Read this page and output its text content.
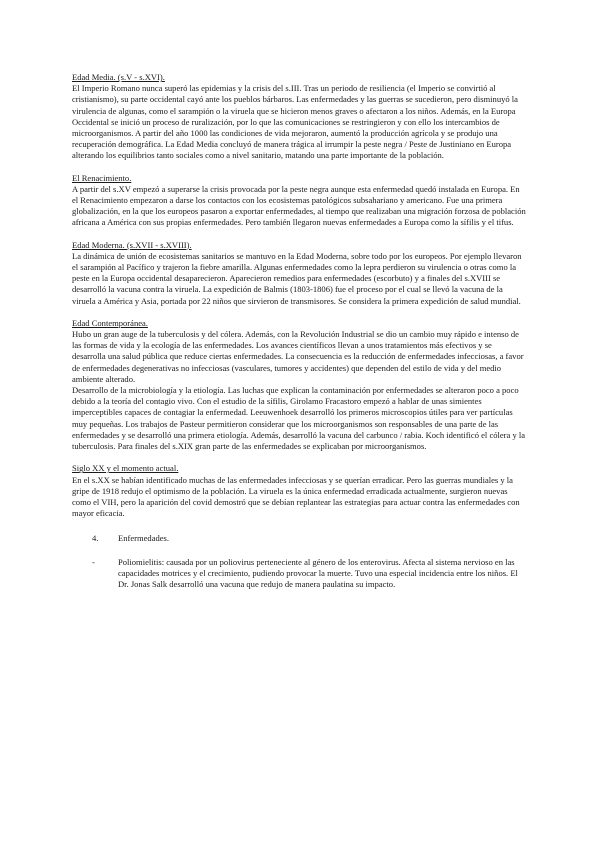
Edad Media. (s.V - s.XVI).

El Imperio Romano nunca superó las epidemias y la crisis del s.III. Tras un periodo de resiliencia (el Imperio se convirtió al cristianismo), su parte occidental cayó ante los pueblos bárbaros. Las enfermedades y las guerras se sucedieron, pero disminuyó la virulencia de algunas, como el sarampión o la viruela que se hicieron menos graves o afectaron a los niños. Además, en la Europa Occidental se inició un proceso de ruralización, por lo que las comunicaciones se restringieron y con ello los intercambios de microorganismos. A partir del año 1000 las condiciones de vida mejoraron, aumentó la producción agrícola y se produjo una recuperación demográfica. La Edad Media concluyó de manera trágica al irrumpir la peste negra / Peste de Justiniano en Europa alterando los equilibrios tanto sociales como a nivel sanitario, matando una parte importante de la población.

El Renacimiento.

A partir del s.XV empezó a superarse la crisis provocada por la peste negra aunque esta enfermedad quedó instalada en Europa. En el Renacimiento empezaron a darse los contactos con los ecosistemas patológicos subsahariano y americano. Fue una primera globalización, en la que los europeos pasaron a exportar enfermedades, al tiempo que realizaban una migración forzosa de población africana a América con sus propias enfermedades. Pero también llegaron nuevas enfermedades a Europa como la sífilis y el tifus.

Edad Moderna. (s.XVII - s.XVIII).

La dinámica de unión de ecosistemas sanitarios se mantuvo en la Edad Moderna, sobre todo por los europeos. Por ejemplo llevaron el sarampión al Pacífico y trajeron la fiebre amarilla. Algunas enfermedades como la lepra perdieron su virulencia o otras como la peste en la Europa occidental desaparecieron. Aparecieron remedios para enfermedades (escorbuto) y a finales del s.XVIII se desarrolló la vacuna contra la viruela. La expedición de Balmis (1803-1806) fue el proceso por el cual se llevó la vacuna de la viruela a América y Asia, portada por 22 niños que sirvieron de transmisores. Se considera la primera expedición de salud mundial.

Edad Contemporánea.

Hubo un gran auge de la tuberculosis y del cólera. Además, con la Revolución Industrial se dio un cambio muy rápido e intenso de las formas de vida y la ecología de las enfermedades. Los avances científicos llevan a unos tratamientos más efectivos y se desarrolla una salud pública que reduce ciertas enfermedades. La consecuencia es la reducción de enfermedades infecciosas, a favor de enfermedades degenerativas no infecciosas (vasculares, tumores y accidentes) que dependen del estilo de vida y del medio ambiente alterado.

Desarrollo de la microbiología y la etiología. Las luchas que explican la contaminación por enfermedades se alteraron poco a poco debido a la teoría del contagio vivo. Con el estudio de la sífilis, Girolamo Fracastoro empezó a hablar de unas simientes imperceptibles capaces de contagiar la enfermedad. Leeuwenhoek desarrolló los primeros microscopios útiles para ver partículas muy pequeñas. Los trabajos de Pasteur permitieron considerar que los microorganismos son responsables de una parte de las enfermedades y se desarrolló una primera etiología. Además, desarrolló la vacuna del carbunco / rabia. Koch identificó el cólera y la tuberculosis. Para finales del s.XIX gran parte de las enfermedades se explicaban por microorganismos.

Siglo XX y el momento actual.

En el s.XX se habían identificado muchas de las enfermedades infecciosas y se querían erradicar. Pero las guerras mundiales y la gripe de 1918 redujo el optimismo de la población. La viruela es la única enfermedad erradicada actualmente, surgieron nuevas como el VIH, pero la aparición del covid demostró que se debían replantear las estrategias para actuar contra las enfermedades con mayor eficacia.

4.	Enfermedades.
-	Poliomielitis: causada por un poliovirus perteneciente al género de los enterovirus. Afecta al sistema nervioso en las capacidades motrices y el crecimiento, pudiendo provocar la muerte. Tuvo una especial incidencia entre los niños. El Dr. Jonas Salk desarrolló una vacuna que redujo de manera paulatina su impacto.
